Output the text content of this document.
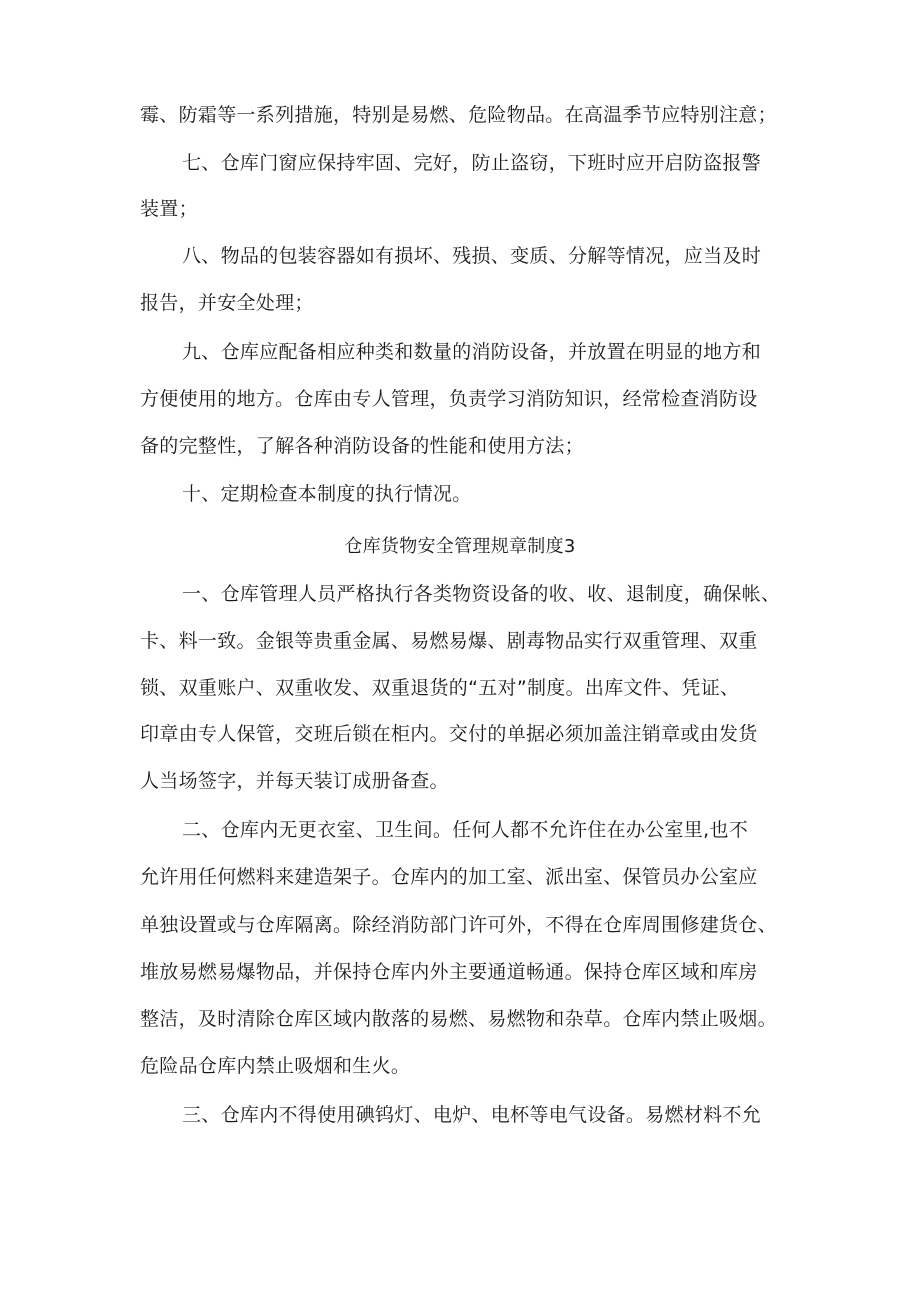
霉、防霜等一系列措施，特别是易燃、危险物品。在高温季节应特别注意；
七、仓库门窗应保持牢固、完好，防止盗窃，下班时应开启防盗报警
装置；
八、物品的包装容器如有损坏、残损、变质、分解等情况，应当及时
报告，并安全处理；
九、仓库应配备相应种类和数量的消防设备，并放置在明显的地方和
方便使用的地方。仓库由专人管理，负责学习消防知识，经常检查消防设
备的完整性，了解各种消防设备的性能和使用方法；
十、定期检查本制度的执行情况。
仓库货物安全管理规章制度3
一、仓库管理人员严格执行各类物资设备的收、收、退制度，确保帐、
卡、料一致。金银等贵重金属、易燃易爆、剧毒物品实行双重管理、双重
锁、双重账户、双重收发、双重退货的“五对”制度。出库文件、凭证、
印章由专人保管，交班后锁在柜内。交付的单据必须加盖注销章或由发货
人当场签字，并每天装订成册备查。
二、仓库内无更衣室、卫生间。任何人都不允许住在办公室里,也不
允许用任何燃料来建造架子。仓库内的加工室、派出室、保管员办公室应
单独设置或与仓库隔离。除经消防部门许可外，不得在仓库周围修建货仓、
堆放易燃易爆物品，并保持仓库内外主要通道畅通。保持仓库区域和库房
整洁，及时清除仓库区域内散落的易燃、易燃物和杂草。仓库内禁止吸烟。
危险品仓库内禁止吸烟和生火。
三、仓库内不得使用碘钨灯、电炉、电杯等电气设备。易燃材料不允
